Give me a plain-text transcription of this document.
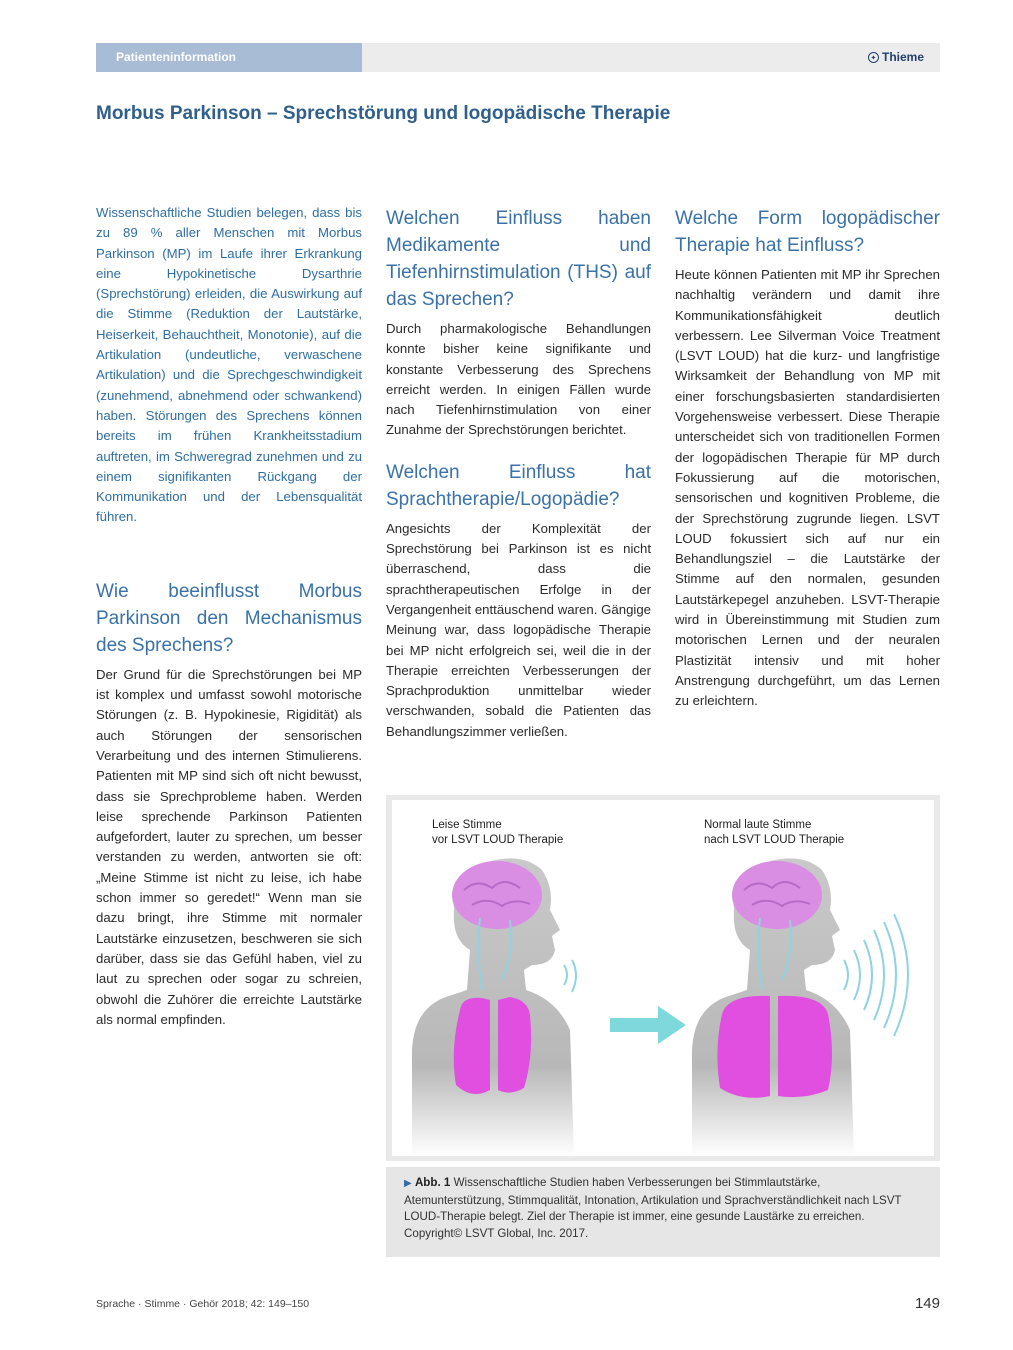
Patienteninformation	✦ Thieme
Morbus Parkinson – Sprechstörung und logopädische Therapie

Wissenschaftliche Studien belegen, dass bis zu 89 % aller Menschen mit Morbus Parkinson (MP) im Laufe ihrer Erkrankung eine Hypokinetische Dysarthrie (Sprechstörung) erleiden, die Auswirkung auf die Stimme (Reduktion der Lautstärke, Heiserkeit, Behauchtheit, Monotonie), auf die Artikulation (undeutliche, verwaschene Artikulation) und die Sprechgeschwindigkeit (zunehmend, abnehmend oder schwankend) haben. Störungen des Sprechens können bereits im frühen Krankheitsstadium auftreten, im Schweregrad zunehmen und zu einem signifikanten Rückgang der Kommunikation und der Lebensqualität führen.

Wie beeinflusst Morbus Parkinson den Mechanismus des Sprechens?

Der Grund für die Sprechstörungen bei MP ist komplex und umfasst sowohl motorische Störungen (z. B. Hypokinesie, Rigidität) als auch Störungen der sensorischen Verarbeitung und des internen Stimulierens. Patienten mit MP sind sich oft nicht bewusst, dass sie Sprechprobleme haben. Werden leise sprechende Parkinson Patienten aufgefordert, lauter zu sprechen, um besser verstanden zu werden, antworten sie oft: „Meine Stimme ist nicht zu leise, ich habe schon immer so geredet!“ Wenn man sie dazu bringt, ihre Stimme mit normaler Lautstärke einzusetzen, beschweren sie sich darüber, dass sie das Gefühl haben, viel zu laut zu sprechen oder sogar zu schreien, obwohl die Zuhörer die erreichte Lautstärke als normal empfinden.

Welchen Einfluss haben Medikamente und Tiefenhirnstimulation (THS) auf das Sprechen?

Durch pharmakologische Behandlungen konnte bisher keine signifikante und konstante Verbesserung des Sprechens erreicht werden. In einigen Fällen wurde nach Tiefenhirnstimulation von einer Zunahme der Sprechstörungen berichtet.

Welchen Einfluss hat Sprachtherapie/Logopädie?

Angesichts der Komplexität der Sprechstörung bei Parkinson ist es nicht überraschend, dass die sprachtherapeutischen Erfolge in der Vergangenheit enttäuschend waren. Gängige Meinung war, dass logopädische Therapie bei MP nicht erfolgreich sei, weil die in der Therapie erreichten Verbesserungen der Sprachproduktion unmittelbar wieder verschwanden, sobald die Patienten das Behandlungszimmer verließen.

Welche Form logopädischer Therapie hat Einfluss?

Heute können Patienten mit MP ihr Sprechen nachhaltig verändern und damit ihre Kommunikationsfähigkeit deutlich verbessern. Lee Silverman Voice Treatment (LSVT LOUD) hat die kurz- und langfristige Wirksamkeit der Behandlung von MP mit einer forschungsbasierten standardisierten Vorgehensweise verbessert. Diese Therapie unterscheidet sich von traditionellen Formen der logopädischen Therapie für MP durch Fokussierung auf die motorischen, sensorischen und kognitiven Probleme, die der Sprechstörung zugrunde liegen. LSVT LOUD fokussiert sich auf nur ein Behandlungsziel – die Lautstärke der Stimme auf den normalen, gesunden Lautstärkepegel anzuheben. LSVT-Therapie wird in Übereinstimmung mit Studien zum motorischen Lernen und der neuralen Plastizität intensiv und mit hoher Anstrengung durchgeführt, um das Lernen zu erleichtern.

Leise Stimme
vor LSVT LOUD Therapie
Normal laute Stimme
nach LSVT LOUD Therapie

▶ Abb. 1 Wissenschaftliche Studien haben Verbesserungen bei Stimmlautstärke, Atemunterstützung, Stimmqualität, Intonation, Artikulation und Sprachverständlichkeit nach LSVT LOUD-Therapie belegt. Ziel der Therapie ist immer, eine gesunde Laustärke zu erreichen. Copyright© LSVT Global, Inc. 2017.

Sprache · Stimme · Gehör 2018; 42: 149–150	149
